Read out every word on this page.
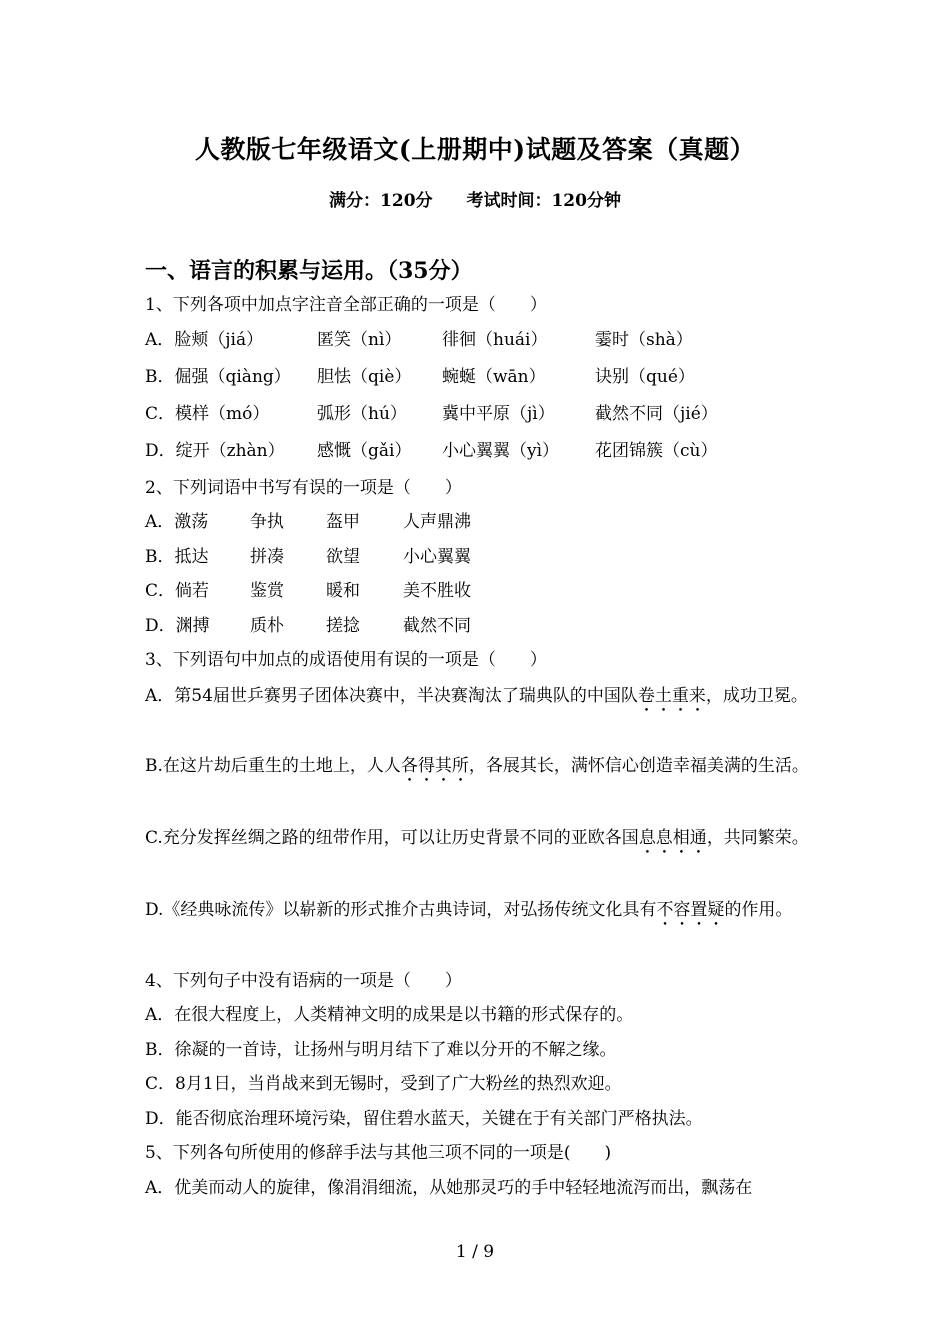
人教版七年级语文(上册期中)试题及答案（真题）
满分：120分 考试时间：120分钟
一、语言的积累与运用。（35分）
1、下列各项中加点字注音全部正确的一项是（　　）
A．脸颊（jiá）	匿笑（nì） 徘徊（huái）	霎时（shà）
B．倔强（qiàng） 胆怯（qiè） 蜿蜒（wān）	诀别（qué）
C．模样（mó）	弧形（hú） 冀中平原（jì） 截然不同（jié）
D．绽开（zhàn） 感慨（gǎi） 小心翼翼（yì） 花团锦簇（cù）
2、下列词语中书写有误的一项是（　　）
A．激荡 争执 盔甲	人声鼎沸
B．抵达 拼凑 欲望	小心翼翼
C．倘若 鉴赏 暖和	美不胜收
D．渊搏 质朴 搓捻	截然不同
3、下列语句中加点的成语使用有误的一项是（　　）
A．第54届世乒赛男子团体决赛中，半决赛淘汰了瑞典队的中国队卷土重来，成功卫冕。
B.在这片劫后重生的土地上，人人各得其所，各展其长，满怀信心创造幸福美满的生活。
C.充分发挥丝绸之路的纽带作用，可以让历史背景不同的亚欧各国息息相通，共同繁荣。
D.《经典咏流传》以崭新的形式推介古典诗词，对弘扬传统文化具有不容置疑的作用。
4、下列句子中没有语病的一项是（　　）
A．在很大程度上，人类精神文明的成果是以书籍的形式保存的。
B．徐凝的一首诗，让扬州与明月结下了难以分开的不解之缘。
C．8月1日，当肖战来到无锡时，受到了广大粉丝的热烈欢迎。
D．能否彻底治理环境污染，留住碧水蓝天，关键在于有关部门严格执法。
5、下列各句所使用的修辞手法与其他三项不同的一项是(　　)
A．优美而动人的旋律，像涓涓细流，从她那灵巧的手中轻轻地流泻而出，飘荡在
1 / 9
